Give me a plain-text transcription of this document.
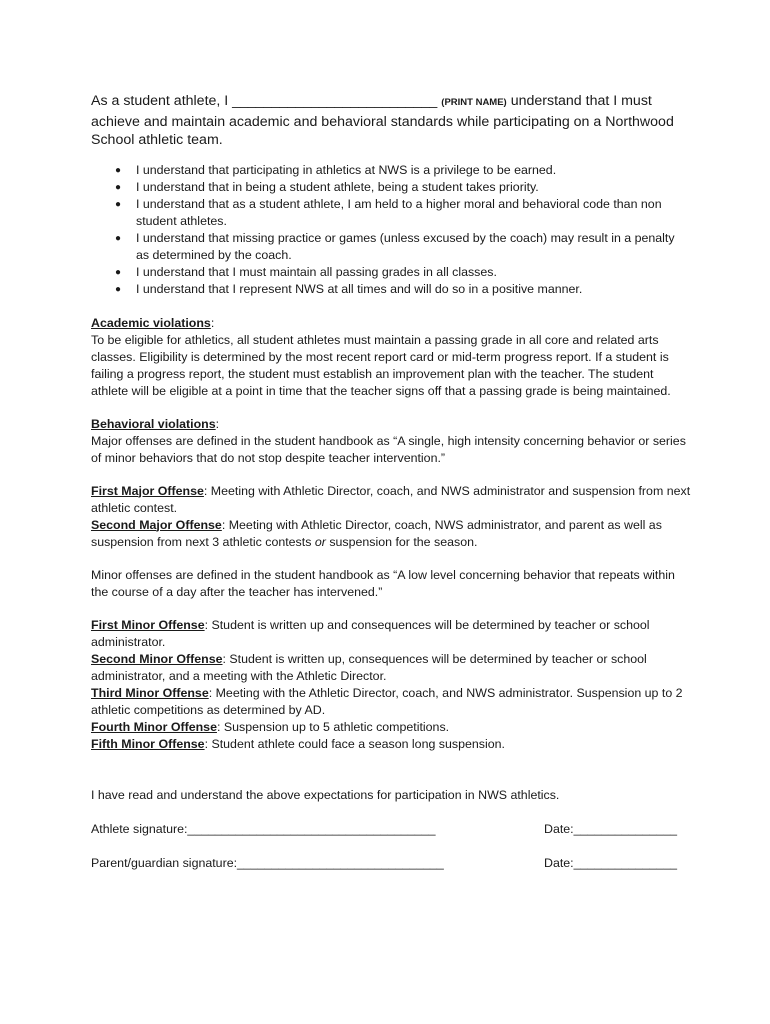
As a student athlete, I __________________________ (PRINT NAME) understand that I must achieve and maintain academic and behavioral standards while participating on a Northwood School athletic team.

● I understand that participating in athletics at NWS is a privilege to be earned.
● I understand that in being a student athlete, being a student takes priority.
● I understand that as a student athlete, I am held to a higher moral and behavioral code than non student athletes.
● I understand that missing practice or games (unless excused by the coach) may result in a penalty as determined by the coach.
● I understand that I must maintain all passing grades in all classes.
● I understand that I represent NWS at all times and will do so in a positive manner.

Academic violations:

To be eligible for athletics, all student athletes must maintain a passing grade in all core and related arts classes. Eligibility is determined by the most recent report card or mid-term progress report. If a student is failing a progress report, the student must establish an improvement plan with the teacher. The student athlete will be eligible at a point in time that the teacher signs off that a passing grade is being maintained.

Behavioral violations:

Major offenses are defined in the student handbook as “A single, high intensity concerning behavior or series of minor behaviors that do not stop despite teacher intervention.”

First Major Offense: Meeting with Athletic Director, coach, and NWS administrator and suspension from next athletic contest.

Second Major Offense: Meeting with Athletic Director, coach, NWS administrator, and parent as well as suspension from next 3 athletic contests or suspension for the season.

Minor offenses are defined in the student handbook as “A low level concerning behavior that repeats within the course of a day after the teacher has intervened.”

First Minor Offense: Student is written up and consequences will be determined by teacher or school administrator.

Second Minor Offense: Student is written up, consequences will be determined by teacher or school administrator, and a meeting with the Athletic Director.

Third Minor Offense: Meeting with the Athletic Director, coach, and NWS administrator. Suspension up to 2 athletic competitions as determined by AD.

Fourth Minor Offense: Suspension up to 5 athletic competitions.

Fifth Minor Offense: Student athlete could face a season long suspension.

I have read and understand the above expectations for participation in NWS athletics.

Athlete signature:____________________________________	Date:_______________
Parent/guardian signature:______________________________	Date:_______________
